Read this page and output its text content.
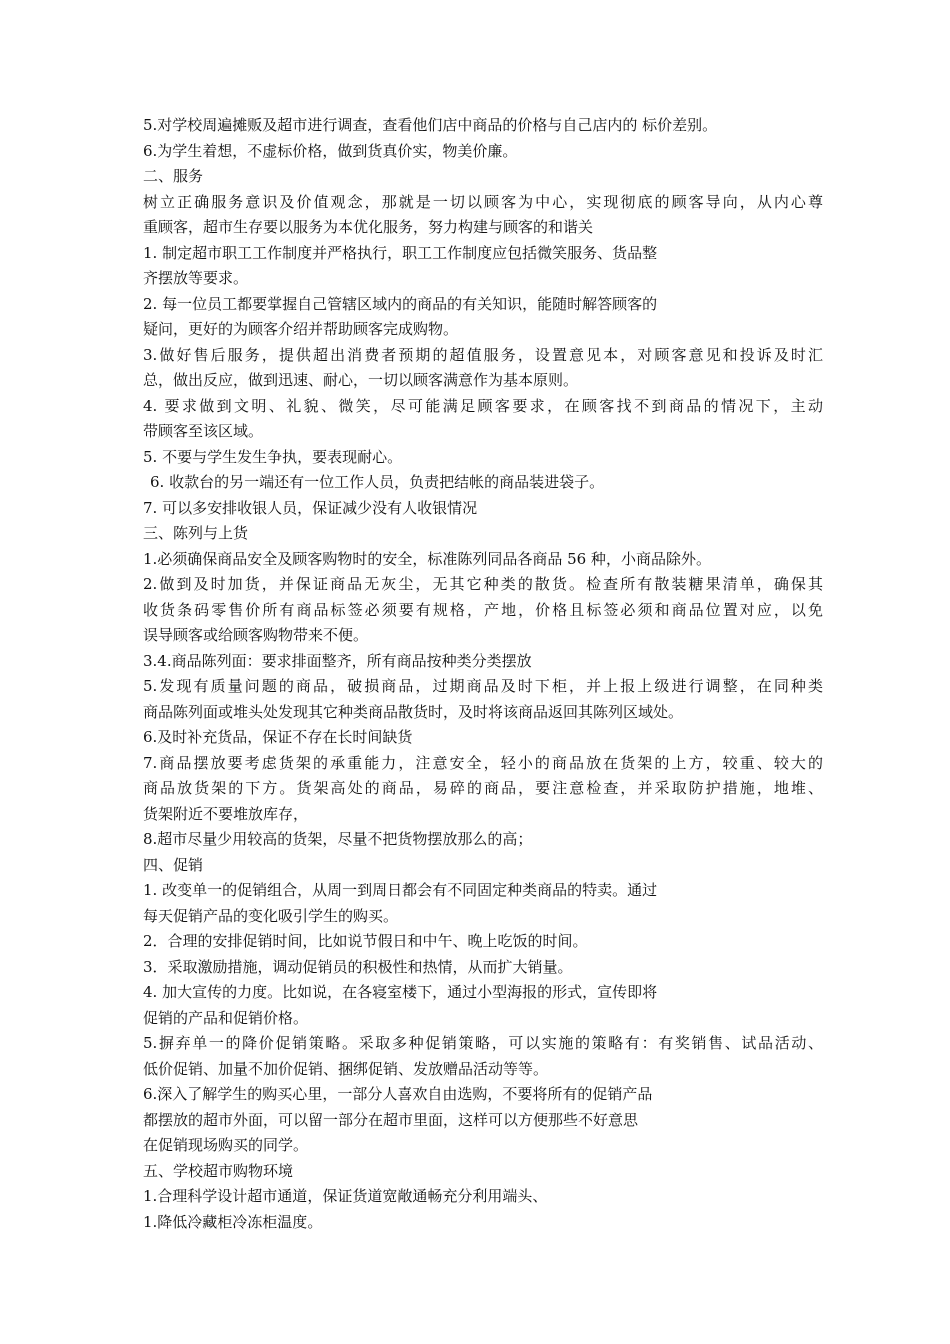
5.对学校周遍摊贩及超市进行调查，查看他们店中商品的价格与自己店内的 标价差别。
6.为学生着想，不虚标价格，做到货真价实，物美价廉。
二、服务
树立正确服务意识及价值观念，那就是一切以顾客为中心，实现彻底的顾客导向，从内心尊
重顾客，超市生存要以服务为本优化服务，努力构建与顾客的和谐关
1. 制定超市职工工作制度并严格执行，职工工作制度应包括微笑服务、货品整
齐摆放等要求。
2. 每一位员工都要掌握自己管辖区域内的商品的有关知识，能随时解答顾客的
疑问，更好的为顾客介绍并帮助顾客完成购物。
3.做好售后服务，提供超出消费者预期的超值服务，设置意见本，对顾客意见和投诉及时汇
总，做出反应，做到迅速、耐心，一切以顾客满意作为基本原则。
4. 要求做到文明、礼貌、微笑，尽可能满足顾客要求，在顾客找不到商品的情况下，主动
带顾客至该区域。
5. 不要与学生发生争执，要表现耐心。
6. 收款台的另一端还有一位工作人员，负责把结帐的商品装进袋子。
7. 可以多安排收银人员，保证减少没有人收银情况
三、陈列与上货
1.必须确保商品安全及顾客购物时的安全，标准陈列同品各商品 56 种，小商品除外。
2.做到及时加货，并保证商品无灰尘，无其它种类的散货。检查所有散装糖果清单，确保其
收货条码零售价所有商品标签必须要有规格，产地，价格且标签必须和商品位置对应，以免
误导顾客或给顾客购物带来不便。
3.4.商品陈列面：要求排面整齐，所有商品按种类分类摆放
5.发现有质量问题的商品，破损商品，过期商品及时下柜，并上报上级进行调整，在同种类
商品陈列面或堆头处发现其它种类商品散货时，及时将该商品返回其陈列区域处。
6.及时补充货品，保证不存在长时间缺货
7.商品摆放要考虑货架的承重能力，注意安全，轻小的商品放在货架的上方，较重、较大的
商品放货架的下方。货架高处的商品，易碎的商品，要注意检查，并采取防护措施，地堆、
货架附近不要堆放库存，
8.超市尽量少用较高的货架，尽量不把货物摆放那么的高；
四、促销
1. 改变单一的促销组合，从周一到周日都会有不同固定种类商品的特卖。通过
每天促销产品的变化吸引学生的购买。
2．合理的安排促销时间，比如说节假日和中午、晚上吃饭的时间。
3．采取激励措施，调动促销员的积极性和热情，从而扩大销量。
4. 加大宣传的力度。比如说，在各寝室楼下，通过小型海报的形式，宣传即将
促销的产品和促销价格。
5.摒弃单一的降价促销策略。采取多种促销策略，可以实施的策略有：有奖销售、试品活动、
低价促销、加量不加价促销、捆绑促销、发放赠品活动等等。
6.深入了解学生的购买心里，一部分人喜欢自由选购，不要将所有的促销产品
都摆放的超市外面，可以留一部分在超市里面，这样可以方便那些不好意思
在促销现场购买的同学。
五、学校超市购物环境
1.合理科学设计超市通道，保证货道宽敞通畅充分利用端头、
1.降低冷藏柜冷冻柜温度。
